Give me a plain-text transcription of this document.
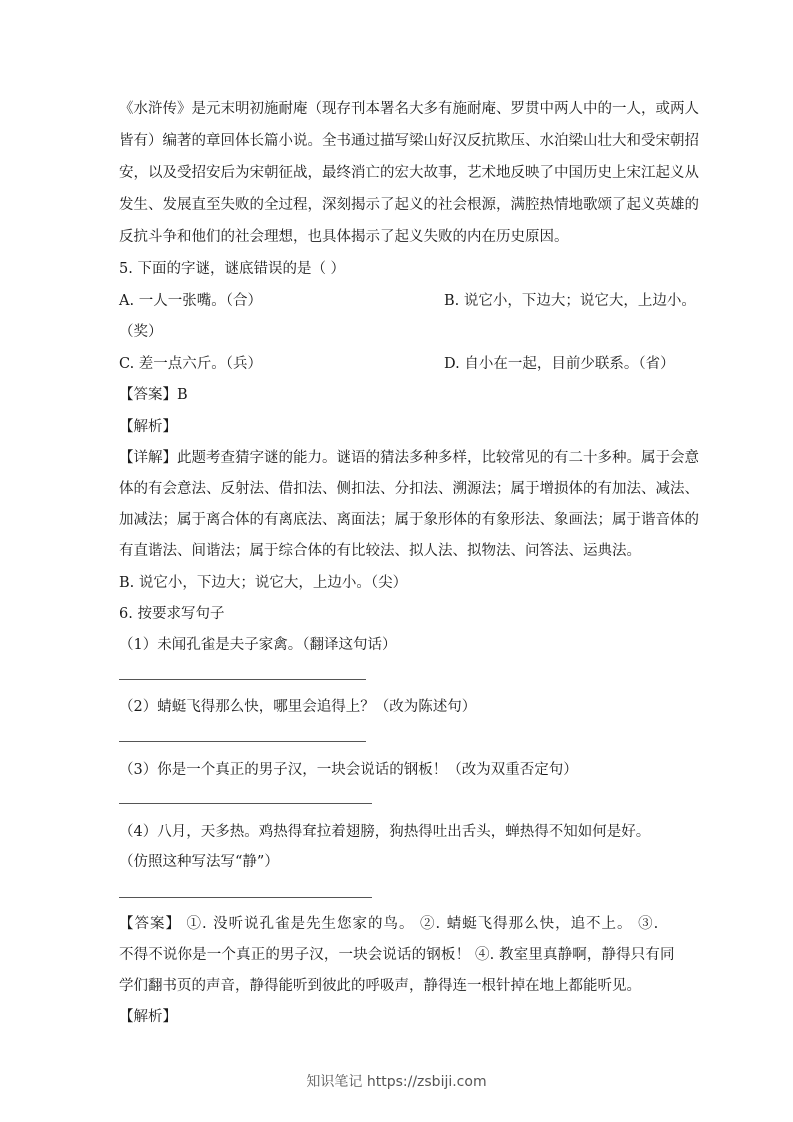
《水浒传》是元末明初施耐庵（现存刊本署名大多有施耐庵、罗贯中两人中的一人，或两人
皆有）编著的章回体长篇小说。全书通过描写梁山好汉反抗欺压、水泊梁山壮大和受宋朝招
安，以及受招安后为宋朝征战，最终消亡的宏大故事，艺术地反映了中国历史上宋江起义从
发生、发展直至失败的全过程，深刻揭示了起义的社会根源，满腔热情地歌颂了起义英雄的
反抗斗争和他们的社会理想，也具体揭示了起义失败的内在历史原因。
5. 下面的字谜，谜底错误的是（ ）
A. 一人一张嘴。（合）	B. 说它小，下边大；说它大，上边小。
（奖）
C. 差一点六斤。（兵）	D. 自小在一起，目前少联系。（省）
【答案】B
【解析】
【详解】此题考查猜字谜的能力。谜语的猜法多种多样，比较常见的有二十多种。属于会意
体的有会意法、反射法、借扣法、侧扣法、分扣法、溯源法；属于增损体的有加法、减法、
加减法；属于离合体的有离底法、离面法；属于象形体的有象形法、象画法；属于谐音体的
有直谐法、间谐法；属于综合体的有比较法、拟人法、拟物法、问答法、运典法。
B. 说它小，下边大；说它大，上边小。（尖）
6. 按要求写句子
（1）未闻孔雀是夫子家禽。（翻译这句话）
（2）蜻蜓飞得那么快，哪里会追得上？（改为陈述句）
（3）你是一个真正的男子汉，一块会说话的钢板！（改为双重否定句）
（4）八月，天多热。鸡热得耷拉着翅膀，狗热得吐出舌头，蝉热得不知如何是好。
（仿照这种写法写“静”）
【答案】 ①. 没听说孔雀是先生您家的鸟。 ②. 蜻蜓飞得那么快，追不上。 ③.
不得不说你是一个真正的男子汉，一块会说话的钢板！ ④. 教室里真静啊，静得只有同
学们翻书页的声音，静得能听到彼此的呼吸声，静得连一根针掉在地上都能听见。
【解析】
知识笔记 https://zsbiji.com
